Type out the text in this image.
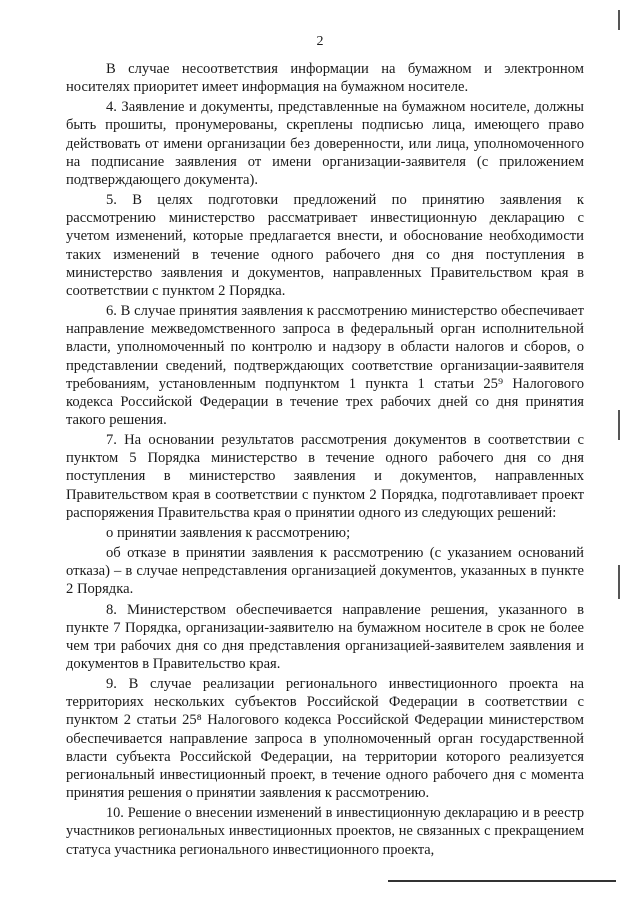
2

В случае несоответствия информации на бумажном и электронном носителях приоритет имеет информация на бумажном носителе.

4. Заявление и документы, представленные на бумажном носителе, должны быть прошиты, пронумерованы, скреплены подписью лица, имеющего право действовать от имени организации без доверенности, или лица, уполномоченного на подписание заявления от имени организации-заявителя (с приложением подтверждающего документа).

5. В целях подготовки предложений по принятию заявления к рассмотрению министерство рассматривает инвестиционную декларацию с учетом изменений, которые предлагается внести, и обоснование необходимости таких изменений в течение одного рабочего дня со дня поступления в министерство заявления и документов, направленных Правительством края в соответствии с пунктом 2 Порядка.

6. В случае принятия заявления к рассмотрению министерство обеспечивает направление межведомственного запроса в федеральный орган исполнительной власти, уполномоченный по контролю и надзору в области налогов и сборов, о представлении сведений, подтверждающих соответствие организации-заявителя требованиям, установленным подпунктом 1 пункта 1 статьи 25⁹ Налогового кодекса Российской Федерации в течение трех рабочих дней со дня принятия такого решения.

7. На основании результатов рассмотрения документов в соответствии с пунктом 5 Порядка министерство в течение одного рабочего дня со дня поступления в министерство заявления и документов, направленных Правительством края в соответствии с пунктом 2 Порядка, подготавливает проект распоряжения Правительства края о принятии одного из следующих решений:

о принятии заявления к рассмотрению;

об отказе в принятии заявления к рассмотрению (с указанием оснований отказа) – в случае непредставления организацией документов, указанных в пункте 2 Порядка.

8. Министерством обеспечивается направление решения, указанного в пункте 7 Порядка, организации-заявителю на бумажном носителе в срок не более чем три рабочих дня со дня представления организацией-заявителем заявления и документов в Правительство края.

9. В случае реализации регионального инвестиционного проекта на территориях нескольких субъектов Российской Федерации в соответствии с пунктом 2 статьи 25⁸ Налогового кодекса Российской Федерации министерством обеспечивается направление запроса в уполномоченный орган государственной власти субъекта Российской Федерации, на территории которого реализуется региональный инвестиционный проект, в течение одного рабочего дня с момента принятия решения о принятии заявления к рассмотрению.

10. Решение о внесении изменений в инвестиционную декларацию и в реестр участников региональных инвестиционных проектов, не связанных с прекращением статуса участника регионального инвестиционного проекта,
